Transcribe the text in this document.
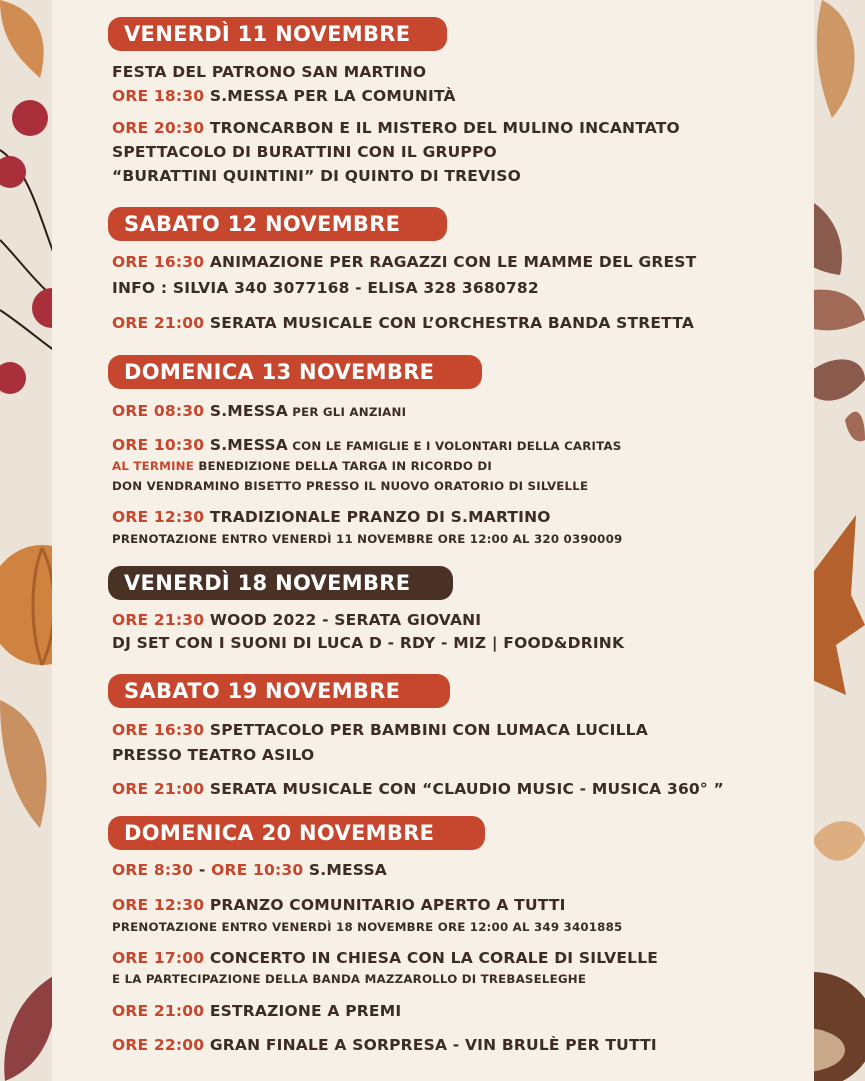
VENERDÌ 11 NOVEMBRE
FESTA DEL PATRONO SAN MARTINO
ORE 18:30 S.MESSA PER LA COMUNITÀ
ORE 20:30 TRONCARBON E IL MISTERO DEL MULINO INCANTATO
SPETTACOLO DI BURATTINI CON IL GRUPPO
“BURATTINI QUINTINI” DI QUINTO DI TREVISO
SABATO 12 NOVEMBRE
ORE 16:30 ANIMAZIONE PER RAGAZZI CON LE MAMME DEL GREST
INFO : SILVIA 340 3077168 - ELISA 328 3680782
ORE 21:00 SERATA MUSICALE CON L’ORCHESTRA BANDA STRETTA
DOMENICA 13 NOVEMBRE
ORE 08:30 S.MESSA PER GLI ANZIANI
ORE 10:30 S.MESSA CON LE FAMIGLIE E I VOLONTARI DELLA CARITAS
AL TERMINE BENEDIZIONE DELLA TARGA IN RICORDO DI
DON VENDRAMINO BISETTO PRESSO IL NUOVO ORATORIO DI SILVELLE
ORE 12:30 TRADIZIONALE PRANZO DI S.MARTINO
PRENOTAZIONE ENTRO VENERDÌ 11 NOVEMBRE ORE 12:00 AL 320 0390009
VENERDÌ 18 NOVEMBRE
ORE 21:30 WOOD 2022 - SERATA GIOVANI
DJ SET CON I SUONI DI LUCA D - RDY - MIZ | FOOD&DRINK
SABATO 19 NOVEMBRE
ORE 16:30 SPETTACOLO PER BAMBINI CON LUMACA LUCILLA
PRESSO TEATRO ASILO
ORE 21:00 SERATA MUSICALE CON “CLAUDIO MUSIC - MUSICA 360° ”
DOMENICA 20 NOVEMBRE
ORE 8:30 - ORE 10:30 S.MESSA
ORE 12:30 PRANZO COMUNITARIO APERTO A TUTTI
PRENOTAZIONE ENTRO VENERDÌ 18 NOVEMBRE ORE 12:00 AL 349 3401885
ORE 17:00 CONCERTO IN CHIESA CON LA CORALE DI SILVELLE
E LA PARTECIPAZIONE DELLA BANDA MAZZAROLLO DI TREBASELEGHE
ORE 21:00 ESTRAZIONE A PREMI
ORE 22:00 GRAN FINALE A SORPRESA - VIN BRULÈ PER TUTTI
